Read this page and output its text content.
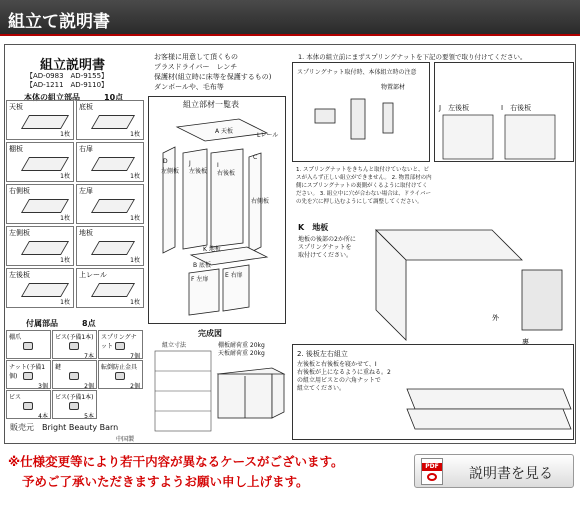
組立て説明書
組立説明書
【AD-0983　AD-9155】
【AD-1211　AD-9110】
本体の組立部品　　　	10点
天板
1枚
底板
1枚
棚板
1枚
右扉
1枚
右側板
1枚
左扉
1枚
左側板
1枚
地板
1枚
左後板
1枚
上レール
1枚
付属部品　　　	8点
棚爪	ビス(予備1本)
7本
スプリングナット
7個
ナット(予備1個)
3個
鍵
2個
転倒防止金具
2個
ビス
4本
ビス(予備1本)
5本
販売元　Bright Beauty Barn
中国製
お客様に用意して頂くもの
プラスドライバー　レンチ
保護材(組立時に床等を保護するもの)
ダンボールや、毛布等
組立部材一覧表
A 天板
D
左側板
J
左後板
I
右後板
C
右側板
K 地板
B 底板
F 左扉
E 右扉
Lレール
完成図
棚板耐荷重 20kg
天板耐荷重 20kg
組立寸法
1. 本体の組立前にまずスプリングナットを下記の要領で取り付けてください。
スプリングナット取付時、本体組立時の注意
物置部材
J　左後板	I　右後板
1. スプリングナットをきちんと取付けていないと、ビスが入らず正しい組立ができません。 2. 物置部材の内側にスプリングナットの裏側がくるように取付けてください。 3. 組立中に穴が合わない場合は、ドライバーの先を穴に押し込むようにして調整してください。
K　地板
地板の後部の2か所に
スプリングナットを
取付けてください。
外
裏
2. 後板左右組立
左後板と右後板を寝かせて、I
右後板が上になるように重ねる。2
の組立用ビスとの六角ナットで
組立てください。
※仕様変更等により若干内容が異なるケースがございます。
予めご了承いただきますようお願い申し上げます。
PDF 説明書を見る
